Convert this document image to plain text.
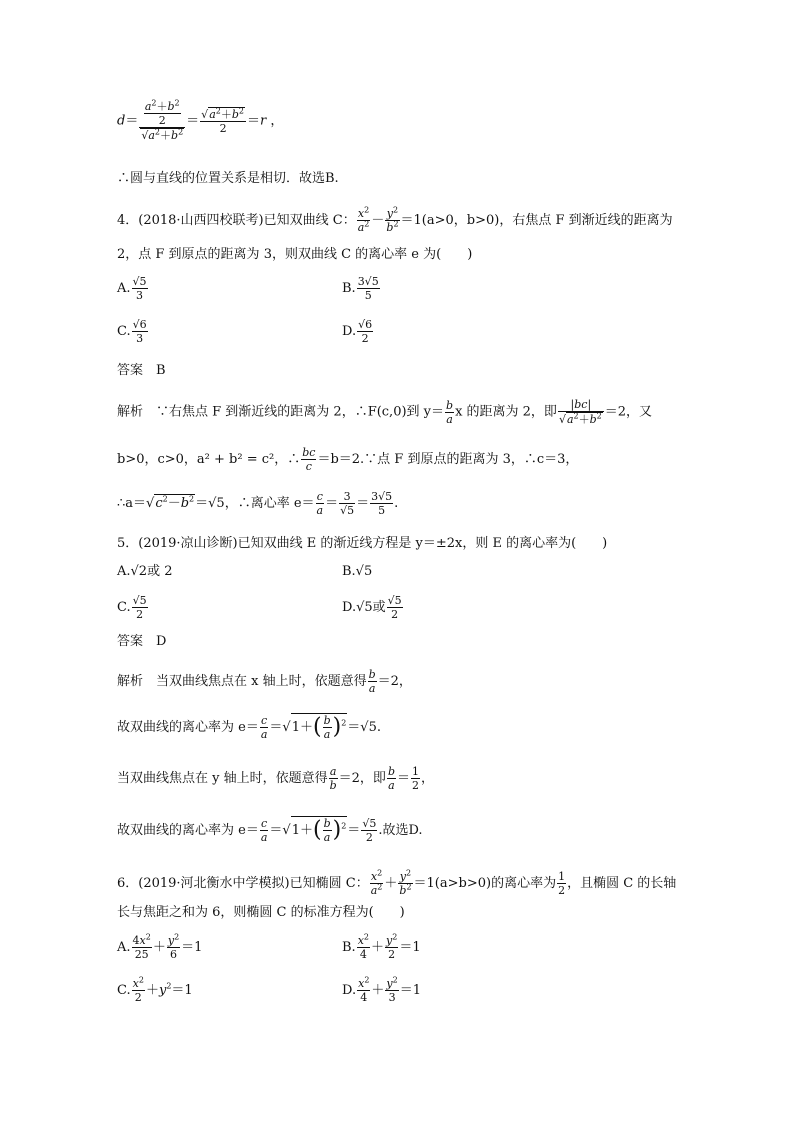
$d= \frac{\frac{a^2+b^2}{2}}{√a^2+b^2} = \frac{√a^2+b^2}{2} =r$ ，
∴圆与直线的位置关系是相切．故选B.
4．(2018·山西四校联考)已知双曲线 C： $\frac{x^2}{a^2} - \frac{y^2}{b^2} =1(a>0$，b>0)，右焦点 F 到渐近线的距离为
2，点 F 到原点的距离为 3，则双曲线 C 的离心率 e 为(　　)
A. $\frac{√5}{3}$	B. $\frac{3√5}{5}$
C. $\frac{√6}{3}$	D. $\frac{√6}{2}$
答案　B
解析　∵右焦点 F 到渐近线的距离为 2，∴F(c,0)到 $y= \frac{b}{a}$ x 的距离为 2，即 $\frac{|bc|}{√a^2+b^2} =2$，又
b>0，c>0，a² + b² = c²，∴ $\frac{bc}{c}$ ＝b＝2.∵点 F 到原点的距离为 3，∴c＝3，
$\therefore a=√c^2-b^2=√5$，∴离心率 $e= \frac{c}{a} = \frac{3}{√5} = \frac{3√5}{5}$ .
5．(2019·凉山诊断)已知双曲线 E 的渐近线方程是 y＝±2x，则 E 的离心率为(　　)
A.√2或 2	B.√5
C. $\frac{√5}{2}$	D.√5或 $\frac{√5}{2}$
答案　D
解析　当双曲线焦点在 x 轴上时，依题意得 $\frac{b}{a} =2$，
故双曲线的离心率为 $e= \frac{c}{a} =√1+( \frac{b}{a} )^2=√5$.
当双曲线焦点在 y 轴上时，依题意得 $\frac{a}{b} =2$，即 $\frac{b}{a} = \frac{1}{2}$ ，
故双曲线的离心率为 $e= \frac{c}{a} =√1+( \frac{b}{a} )^2= \frac{√5}{2}$ .故选D.
6．(2019·河北衡水中学模拟)已知椭圆 C： $\frac{x^2}{a^2} + \frac{y^2}{b^2} =1(a>b>0)$的离心率为 $\frac{1}{2}$ ，且椭圆 C 的长轴
长与焦距之和为 6，则椭圆 C 的标准方程为(　　)
A. $\frac{4x^2}{25} + \frac{y^2}{6} =1$	B. $\frac{x^2}{4} + \frac{y^2}{2} =1$
C. $\frac{x^2}{2} +y^2=1$	D. $\frac{x^2}{4} + \frac{y^2}{3} =1$
